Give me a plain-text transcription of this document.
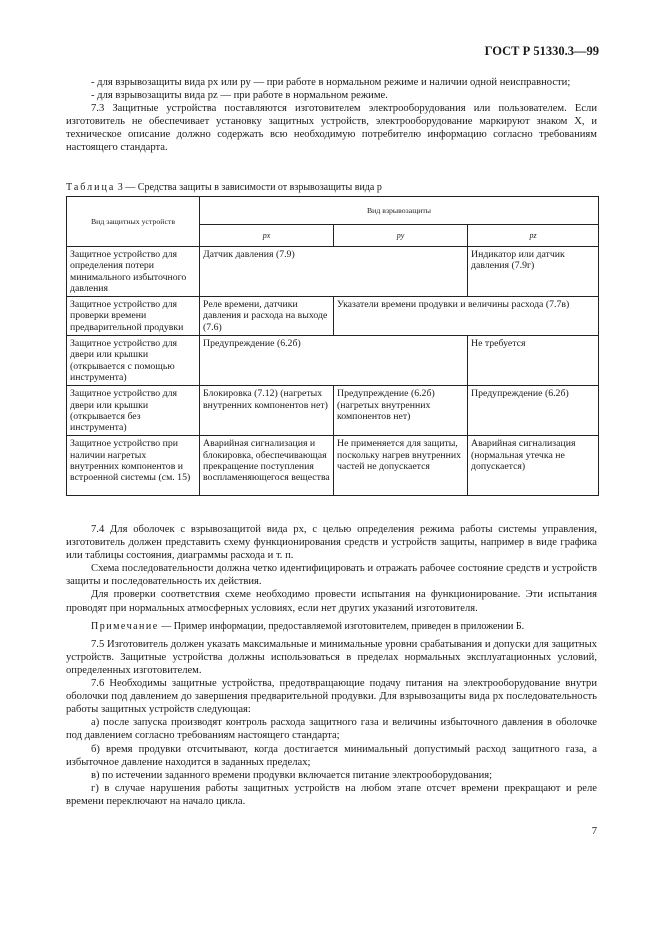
ГОСТ Р 51330.3—99

- для взрывозащиты вида px или py — при работе в нормальном режиме и наличии одной неисправности;

- для взрывозащиты вида pz — при работе в нормальном режиме.

7.3 Защитные устройства поставляются изготовителем электрооборудования или пользователем. Если изготовитель не обеспечивает установку защитных устройств, электрооборудование маркируют знаком X, и техническое описание должно содержать всю необходимую потребителю информацию согласно требованиям настоящего стандарта.

Таблица 3 — Средства защиты в зависимости от взрывозащиты вида p
Вид защитных устройств	Вид взрывозащиты		
	px	py	pz
Защитное устройство для определения потери минимального избыточного давления	Датчик давления (7.9)		Индикатор или датчик давления (7.9г)
Защитное устройство для проверки времени предварительной продувки	Реле времени, датчики давления и расхода на выходе (7.6)	Указатели времени продувки и величины расхода (7.7в)	
Защитное устройство для двери или крышки (открывается с помощью инструмента)	Предупреждение (6.2б)		Не требуется
Защитное устройство для двери или крышки (открывается без инструмента)	Блокировка (7.12) (нагретых внутренних компонентов нет)	Предупреждение (6.2б) (нагретых внутренних компонентов нет)	Предупреждение (6.2б)
Защитное устройство при наличии нагретых внутренних компонентов и встроенной системы (см. 15)	Аварийная сигнализация и блокировка, обеспечивающая прекращение поступления воспламеняющегося вещества	Не применяется для защиты, поскольку нагрев внутренних частей не допускается	Аварийная сигнализация (нормальная утечка не допускается)

7.4 Для оболочек с взрывозащитой вида px, с целью определения режима работы системы управления, изготовитель должен представить схему функционирования средств и устройств защиты, например в виде графика или таблицы состояния, диаграммы расхода и т. п.

Схема последовательности должна четко идентифицировать и отражать рабочее состояние средств и устройств защиты и последовательность их действия.

Для проверки соответствия схеме необходимо провести испытания на функционирование. Эти испытания проводят при нормальных атмосферных условиях, если нет других указаний изготовителя.

Примечание — Пример информации, предоставляемой изготовителем, приведен в приложении Б.

7.5 Изготовитель должен указать максимальные и минимальные уровни срабатывания и допуски для защитных устройств. Защитные устройства должны использоваться в пределах нормальных эксплуатационных условий, определенных изготовителем.

7.6 Необходимы защитные устройства, предотвращающие подачу питания на электрооборудование внутри оболочки под давлением до завершения предварительной продувки. Для взрывозащиты вида px последовательность работы защитных устройств следующая:

а) после запуска производят контроль расхода защитного газа и величины избыточного давления в оболочке под давлением согласно требованиям настоящего стандарта;

б) время продувки отсчитывают, когда достигается минимальный допустимый расход защитного газа, а избыточное давление находится в заданных пределах;

в) по истечении заданного времени продувки включается питание электрооборудования;

г) в случае нарушения работы защитных устройств на любом этапе отсчет времени прекращают и реле времени переключают на начало цикла.

7
